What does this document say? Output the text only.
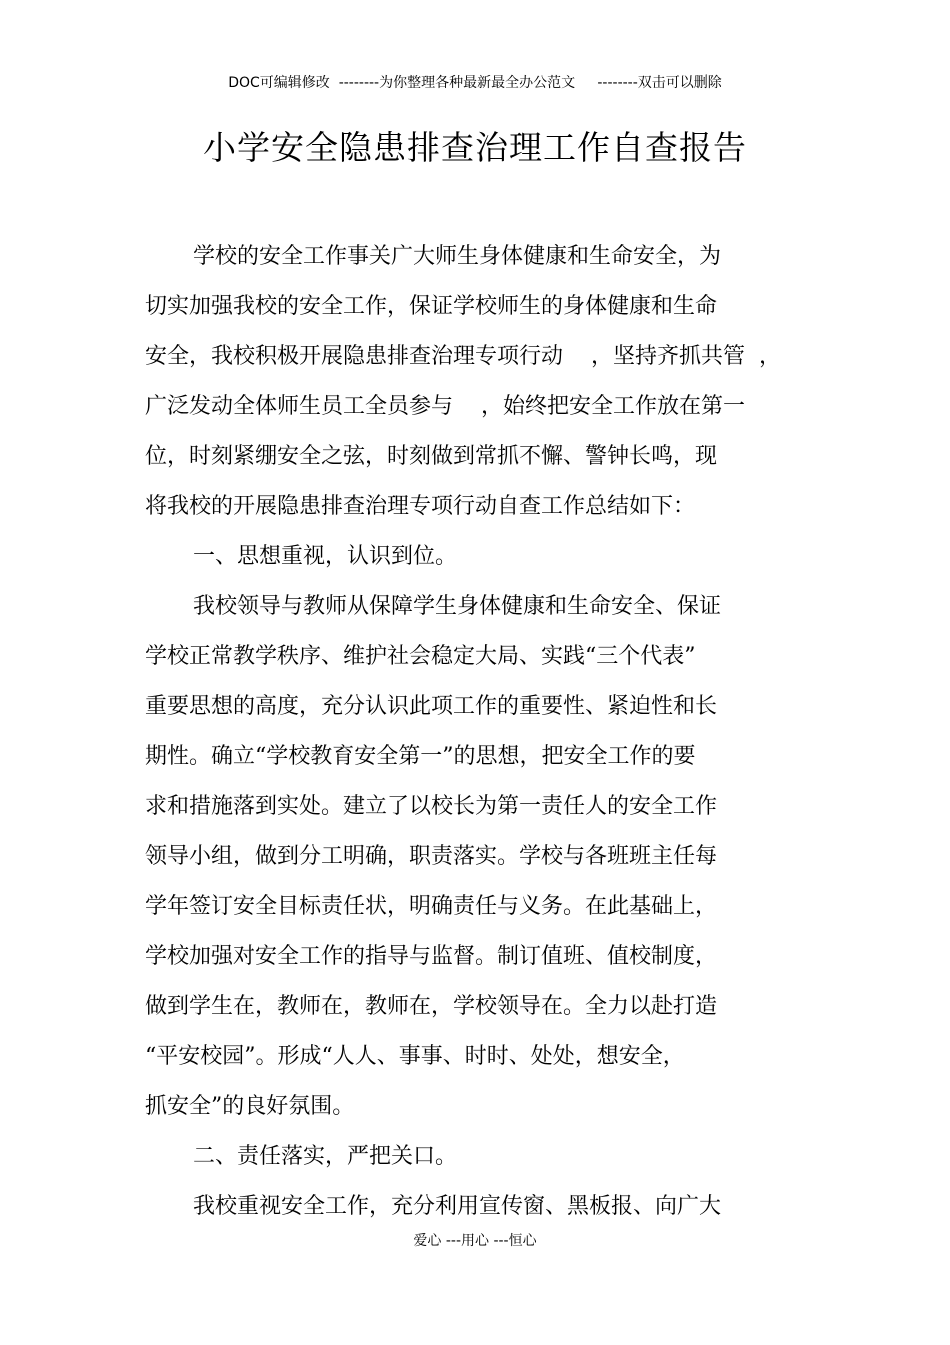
DOC可编辑修改  --------为你整理各种最新最全办公范文     --------双击可以删除
小学安全隐患排查治理工作自查报告
学校的安全工作事关广大师生身体健康和生命安全，为
切实加强我校的安全工作，保证学校师生的身体健康和生命
安全，我校积极开展隐患排查治理专项行动    ，坚持齐抓共管  ，
广泛发动全体师生员工全员参与    ，始终把安全工作放在第一
位，时刻紧绷安全之弦，时刻做到常抓不懈、警钟长鸣，现
将我校的开展隐患排查治理专项行动自查工作总结如下：
一、思想重视，认识到位。
我校领导与教师从保障学生身体健康和生命安全、保证
学校正常教学秩序、维护社会稳定大局、实践“三个代表”
重要思想的高度，充分认识此项工作的重要性、紧迫性和长
期性。确立“学校教育安全第一”的思想，把安全工作的要
求和措施落到实处。建立了以校长为第一责任人的安全工作
领导小组，做到分工明确，职责落实。学校与各班班主任每
学年签订安全目标责任状，明确责任与义务。在此基础上，
学校加强对安全工作的指导与监督。制订值班、值校制度，
做到学生在，教师在，教师在，学校领导在。全力以赴打造
“平安校园”。形成“人人、事事、时时、处处，想安全，
抓安全”的良好氛围。
二、责任落实，严把关口。
我校重视安全工作，充分利用宣传窗、黑板报、向广大
爱心 ---用心 ---恒心
